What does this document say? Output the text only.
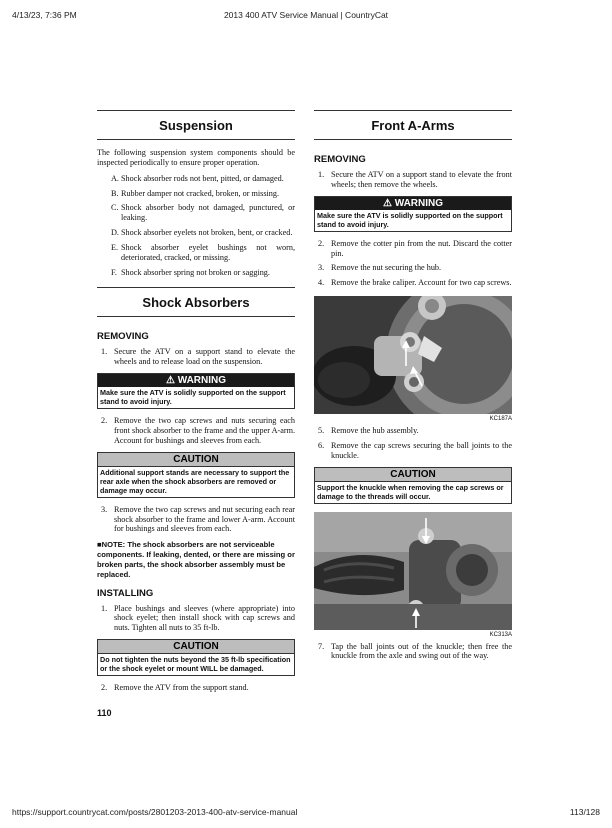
4/13/23, 7:36 PM	2013 400 ATV Service Manual | CountryCat
Suspension

The following suspension system components should be inspected periodically to ensure proper operation.

A. Shock absorber rods not bent, pitted, or damaged.
B. Rubber damper not cracked, broken, or missing.
C. Shock absorber body not damaged, punctured, or leaking.
D. Shock absorber eyelets not broken, bent, or cracked.
E. Shock absorber eyelet bushings not worn, deteriorated, cracked, or missing.
F. Shock absorber spring not broken or sagging.
Shock Absorbers
REMOVING
1. Secure the ATV on a support stand to elevate the wheels and to release load on the suspension.
⚠ WARNING
Make sure the ATV is solidly supported on the support stand to avoid injury.
2. Remove the two cap screws and nuts securing each front shock absorber to the frame and the upper A-arm. Account for bushings and sleeves from each.
CAUTION
Additional support stands are necessary to support the rear axle when the shock absorbers are removed or damage may occur.
3. Remove the two cap screws and nut securing each rear shock absorber to the frame and lower A-arm. Account for bushings and sleeves from each.
■NOTE: The shock absorbers are not serviceable components. If leaking, dented, or there are missing or broken parts, the shock absorber assembly must be replaced.
INSTALLING
1. Place bushings and sleeves (where appropriate) into shock eyelet; then install shock with cap screws and nuts. Tighten all nuts to 35 ft-lb.
CAUTION
Do not tighten the nuts beyond the 35 ft-lb specification or the shock eyelet or mount WILL be damaged.
2. Remove the ATV from the support stand.
110
Front A-Arms
REMOVING
1. Secure the ATV on a support stand to elevate the front wheels; then remove the wheels.
⚠ WARNING
Make sure the ATV is solidly supported on the support stand to avoid injury.
2. Remove the cotter pin from the nut. Discard the cotter pin.
3. Remove the nut securing the hub.
4. Remove the brake caliper. Account for two cap screws.
KC187A
5. Remove the hub assembly.
6. Remove the cap screws securing the ball joints to the knuckle.
CAUTION
Support the knuckle when removing the cap screws or damage to the threads will occur.
KC313A
7. Tap the ball joints out of the knuckle; then free the knuckle from the axle and swing out of the way.
https://support.countrycat.com/posts/2801203-2013-400-atv-service-manual	113/128
